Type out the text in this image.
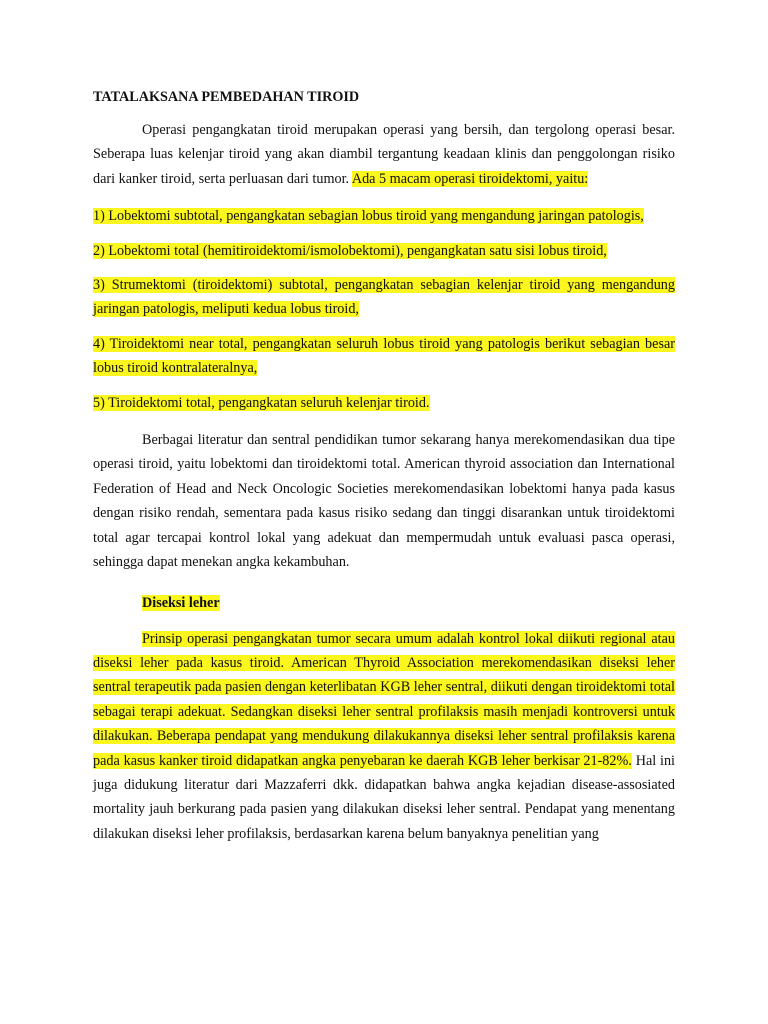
TATALAKSANA PEMBEDAHAN TIROID

Operasi pengangkatan tiroid merupakan operasi yang bersih, dan tergolong operasi besar. Seberapa luas kelenjar tiroid yang akan diambil tergantung keadaan klinis dan penggolongan risiko dari kanker tiroid, serta perluasan dari tumor. Ada 5 macam operasi tiroidektomi, yaitu:

1) Lobektomi subtotal, pengangkatan sebagian lobus tiroid yang mengandung jaringan patologis,

2) Lobektomi total (hemitiroidektomi/ismolobektomi), pengangkatan satu sisi lobus tiroid,

3) Strumektomi (tiroidektomi) subtotal, pengangkatan sebagian kelenjar tiroid yang mengandung jaringan patologis, meliputi kedua lobus tiroid,

4) Tiroidektomi near total, pengangkatan seluruh lobus tiroid yang patologis berikut sebagian besar lobus tiroid kontralateralnya,

5) Tiroidektomi total, pengangkatan seluruh kelenjar tiroid.

Berbagai literatur dan sentral pendidikan tumor sekarang hanya merekomendasikan dua tipe operasi tiroid, yaitu lobektomi dan tiroidektomi total. American thyroid association dan International Federation of Head and Neck Oncologic Societies merekomendasikan lobektomi hanya pada kasus dengan risiko rendah, sementara pada kasus risiko sedang dan tinggi disarankan untuk tiroidektomi total agar tercapai kontrol lokal yang adekuat dan mempermudah untuk evaluasi pasca operasi, sehingga dapat menekan angka kekambuhan.

Diseksi leher

Prinsip operasi pengangkatan tumor secara umum adalah kontrol lokal diikuti regional atau diseksi leher pada kasus tiroid. American Thyroid Association merekomendasikan diseksi leher sentral terapeutik pada pasien dengan keterlibatan KGB leher sentral, diikuti dengan tiroidektomi total sebagai terapi adekuat. Sedangkan diseksi leher sentral profilaksis masih menjadi kontroversi untuk dilakukan. Beberapa pendapat yang mendukung dilakukannya diseksi leher sentral profilaksis karena pada kasus kanker tiroid didapatkan angka penyebaran ke daerah KGB leher berkisar 21-82%. Hal ini juga didukung literatur dari Mazzaferri dkk. didapatkan bahwa angka kejadian disease-assosiated mortality jauh berkurang pada pasien yang dilakukan diseksi leher sentral. Pendapat yang menentang dilakukan diseksi leher profilaksis, berdasarkan karena belum banyaknya penelitian yang
